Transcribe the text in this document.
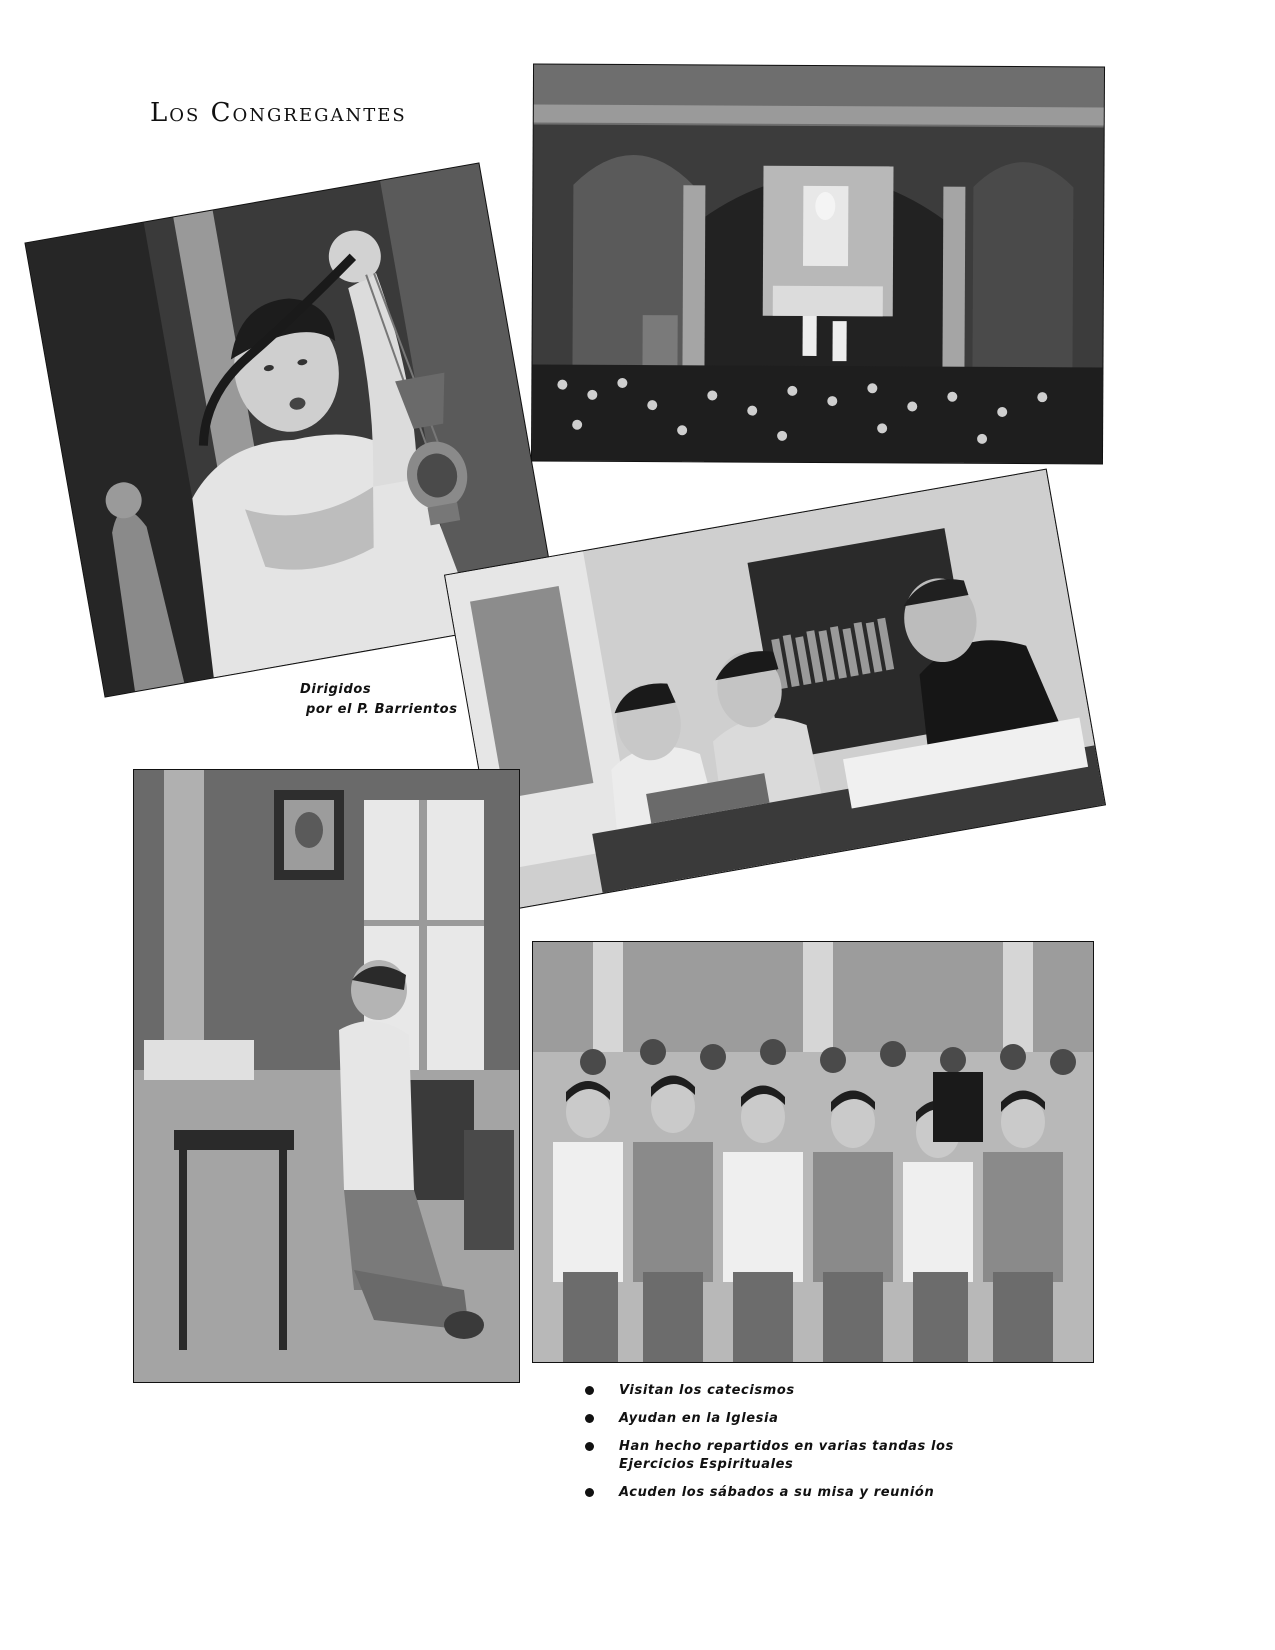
Los Congregantes
Dirigidos
por el P. Barrientos
Visitan los catecismos
Ayudan en la Iglesia
Han hecho repartidos en varias tandas los Ejercicios Espirituales
Acuden los sábados a su misa y reunión
